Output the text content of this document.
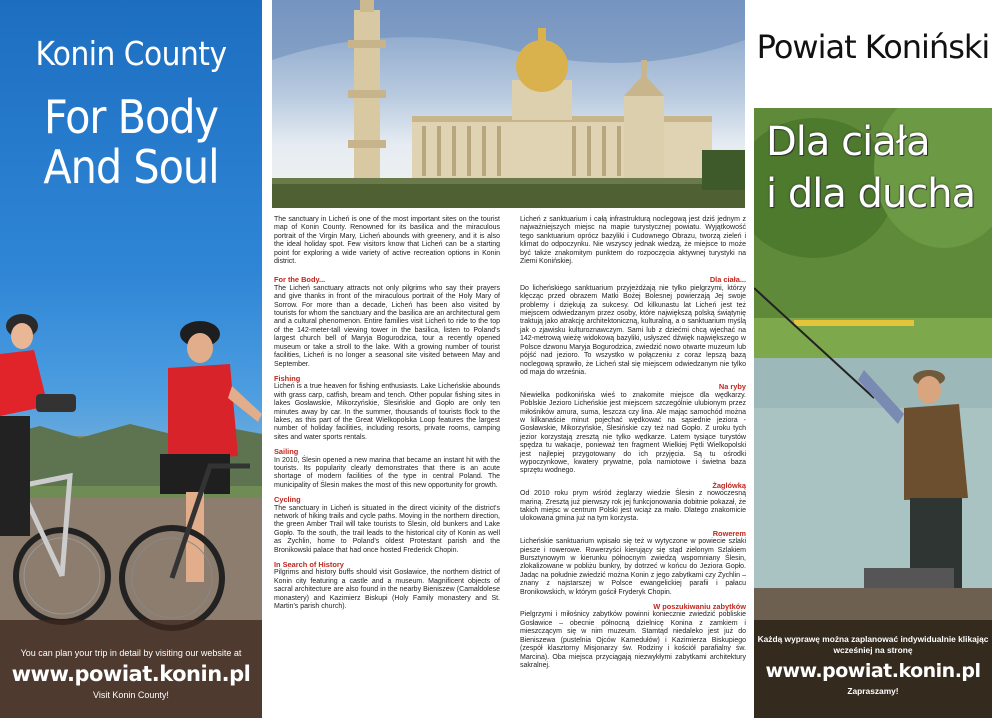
Konin County
For Body
And Soul
You can plan your trip in detail by visiting our website at
www.powiat.konin.pl
Visit Konin County!

The sanctuary in Licheń is one of the most important sites on the tourist map of Konin County. Renowned for its basilica and the miraculous portrait of the Virgin Mary, Licheń abounds with greenery, and it is also the ideal holiday spot. Few visitors know that Licheń can be a starting point for exploring a wide variety of active recreation options in Konin district.

For the Body...

The Licheń sanctuary attracts not only pilgrims who say their prayers and give thanks in front of the miraculous portrait of the Holy Mary of Sorrow. For more than a decade, Licheń has been also visited by tourists for whom the sanctuary and the basilica are an architectural gem and a cultural phenomenon. Entire families visit Licheń to ride to the top of the 142-meter-tall viewing tower in the basilica, listen to Poland's largest church bell of Maryja Bogurodzica, tour a recently opened museum or take a stroll to the lake. With a growing number of tourist facilities, Licheń is no longer a seasonal site visited between May and September.

Fishing

Licheń is a true heaven for fishing enthusiasts. Lake Licheńskie abounds with grass carp, catfish, bream and tench. Other popular fishing sites in lakes Gosławskie, Mikorzyńskie, Ślesińskie and Gopło are only ten minutes away by car. In the summer, thousands of tourists flock to the lakes, as this part of the Great Wielkopolska Loop features the largest number of holiday facilities, including resorts, private rooms, camping sites and water sports rentals.

Sailing

In 2010, Ślesin opened a new marina that became an instant hit with the tourists. Its popularity clearly demonstrates that there is an acute shortage of modern facilities of the type in central Poland. The municipality of Ślesin makes the most of this new opportunity for growth.

Cycling

The sanctuary in Licheń is situated in the direct vicinity of the district's network of hiking trails and cycle paths. Moving in the northern direction, the green Amber Trail will take tourists to Ślesin, old bunkers and Lake Gopło. To the south, the trail leads to the historical city of Konin as well as Żychlin, home to Poland's oldest Protestant parish and the Bronikowski palace that had once hosted Frederick Chopin.

In Search of History

Pilgrims and history buffs should visit Gosławice, the northern district of Konin city featuring a castle and a museum. Magnificent objects of sacral architecture are also found in the nearby Bieniszew (Camaldolese monastery) and Kazimierz Biskupi (Holy Family monastery and St. Martin's parish church).

Licheń z sanktuarium i całą infrastrukturą noclegową jest dziś jednym z najważniejszych miejsc na mapie turystycznej powiatu. Wyjątkowość tego sanktuarium oprócz bazyliki i Cudownego Obrazu, tworzą zieleń i klimat do odpoczynku. Nie wszyscy jednak wiedzą, że miejsce to może być także znakomitym punktem do rozpoczęcia aktywnej turystyki na Ziemi Konińskiej.

Dla ciała...

Do licheńskiego sanktuarium przyjeżdżają nie tylko pielgrzymi, którzy klęcząc przed obrazem Matki Bożej Bolesnej powierzają Jej swoje problemy i dziękują za sukcesy. Od kilkunastu lat Licheń jest też miejscem odwiedzanym przez osoby, które największą polską świątynię traktują jako atrakcję architektoniczną, kulturalną, a o sanktuarium myślą jak o zjawisku kulturoznawczym. Sami lub z dziećmi chcą wjechać na 142-metrową wieżę widokową bazyliki, usłyszeć dźwięk największego w Polsce dzwonu Maryja Bogurodzica, zwiedzić nowo otwarte muzeum lub pójść nad jezioro. To wszystko w połączeniu z coraz lepszą bazą noclegową sprawiło, że Licheń stał się miejscem odwiedzanym nie tylko od maja do września.

Na ryby

Niewielka podkonińska wieś to znakomite miejsce dla wędkarzy. Poblskie Jezioro Licheńskie jest miejscem szczególnie ulubionym przez miłośników amura, suma, leszcza czy lina. Ale mając samochód można w kilkanaście minut pojechać wędkować na sąsiednie jeziora - Gosławskie, Mikorzyńskie, Ślesińskie czy też nad Gopło. Z uroku tych jezior korzystają zresztą nie tylko wędkarze. Latem tysiące turystów spędza tu wakacje, ponieważ ten fragment Wielkiej Pętli Wielkopolski jest najlepiej przygotowany do ich przyjęcia. Są tu ośrodki wypoczynkowe, kwatery prywatne, pola namiotowe i świetna baza sprzętu wodnego.

Żaglówką

Od 2010 roku prym wśród żeglarzy wiedzie Ślesin z nowoczesną mariną. Zresztą już pierwszy rok jej funkcjonowania dobitnie pokazał, że takich miejsc w centrum Polski jest wciąż za mało. Dlatego znakomicie ulokowana gmina już na tym korzysta.

Rowerem

Licheńskie sanktuarium wpisało się też w wytyczone w powiecie szlaki piesze i rowerowe. Rowerzyści kierujący się stąd zielonym Szlakiem Bursztynowym w kierunku północnym zwiedzą wspomniany Ślesin, zlokalizowane w pobliżu bunkry, by dotrzeć w końcu do Jeziora Gopło. Jadąc na południe zwiedzić można Konin z jego zabytkami czy Żychlin – znany z najstarszej w Polsce ewangelickiej parafii i pałacu Bronikowskich, w którym gościł Fryderyk Chopin.

W poszukiwaniu zabytków

Pielgrzymi i miłośnicy zabytków powinni koniecznie zwiedzić pobliskie Gosławice – obecnie północną dzielnicę Konina z zamkiem i mieszczącym się w nim muzeum. Stamtąd niedaleko jest już do Bieniszewa (pustelnia Ojców Kamedułów) i Kazimierza Biskupiego (zespół klasztorny Misjonarzy św. Rodziny i kościół parafialny św. Marcina). Oba miejsca przyciągają niezwykłymi zabytkami architektury sakralnej.

Powiat Koniński
Dla ciała
i dla ducha
Każdą wyprawę można zaplanować indywidualnie klikając wcześniej na stronę
www.powiat.konin.pl
Zapraszamy!
